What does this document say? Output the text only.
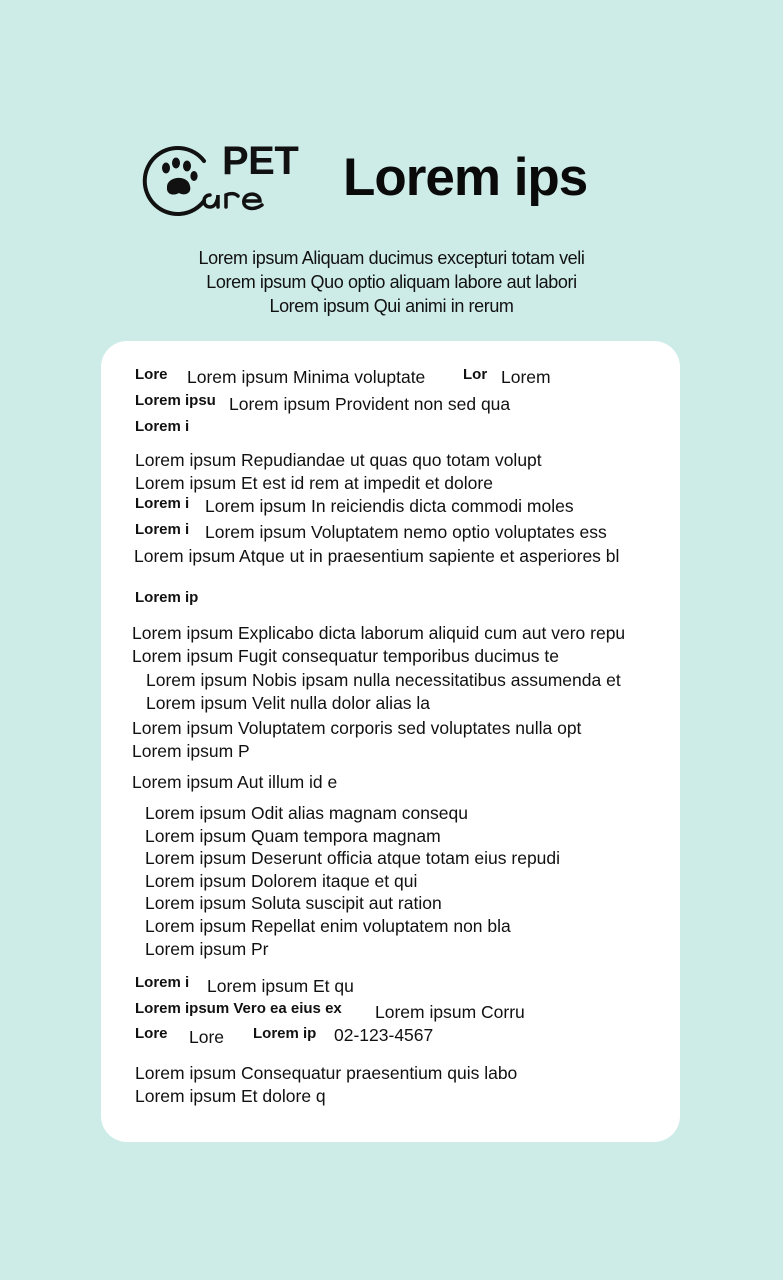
PET Lorem ips
Lorem ipsum Aliquam ducimus excepturi totam veli
Lorem ipsum Quo optio aliquam labore aut labori
Lorem ipsum Qui animi in rerum
Lore Lorem ipsum Minima voluptate	Lor Lorem
Lorem ipsu Lorem ipsum Provident non sed qua
Lorem i
Lorem ipsum Repudiandae ut quas quo totam volupt
Lorem ipsum Et est id rem at impedit et dolore
Lorem i Lorem ipsum In reiciendis dicta commodi moles
Lorem i Lorem ipsum Voluptatem nemo optio voluptates ess
Lorem ipsum Atque ut in praesentium sapiente et asperiores bl
Lorem ip
Lorem ipsum Explicabo dicta laborum aliquid cum aut vero repu
Lorem ipsum Fugit consequatur temporibus ducimus te
Lorem ipsum Nobis ipsam nulla necessitatibus assumenda et
Lorem ipsum Velit nulla dolor alias la
Lorem ipsum Voluptatem corporis sed voluptates nulla opt
Lorem ipsum P
Lorem ipsum Aut illum id e
Lorem ipsum Odit alias magnam consequ
Lorem ipsum Quam tempora magnam
Lorem ipsum Deserunt officia atque totam eius repudi
Lorem ipsum Dolorem itaque et qui
Lorem ipsum Soluta suscipit aut ration
Lorem ipsum Repellat enim voluptatem non bla
Lorem ipsum Pr
Lorem i Lorem ipsum Et qu
Lorem ipsum Vero ea eius ex Lorem ipsum Corru
Lore Lore Lorem ip 02-123-4567
Lorem ipsum Consequatur praesentium quis labo
Lorem ipsum Et dolore q
